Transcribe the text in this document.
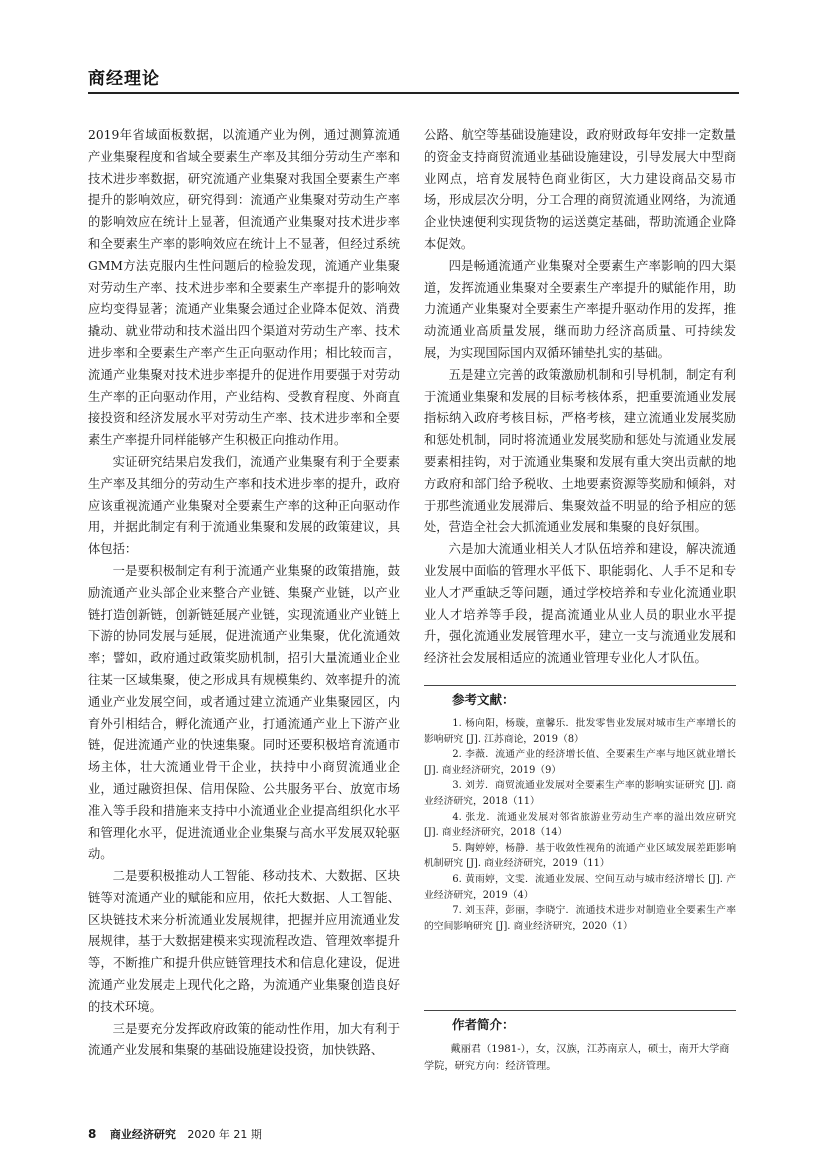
商经理论

2019年省域面板数据，以流通产业为例，通过测算流通产业集聚程度和省域全要素生产率及其细分劳动生产率和技术进步率数据，研究流通产业集聚对我国全要素生产率提升的影响效应，研究得到：流通产业集聚对劳动生产率的影响效应在统计上显著，但流通产业集聚对技术进步率和全要素生产率的影响效应在统计上不显著，但经过系统GMM方法克服内生性问题后的检验发现，流通产业集聚对劳动生产率、技术进步率和全要素生产率提升的影响效应均变得显著；流通产业集聚会通过企业降本促效、消费撬动、就业带动和技术溢出四个渠道对劳动生产率、技术进步率和全要素生产率产生正向驱动作用；相比较而言，流通产业集聚对技术进步率提升的促进作用要强于对劳动生产率的正向驱动作用，产业结构、受教育程度、外商直接投资和经济发展水平对劳动生产率、技术进步率和全要素生产率提升同样能够产生积极正向推动作用。

实证研究结果启发我们，流通产业集聚有利于全要素生产率及其细分的劳动生产率和技术进步率的提升，政府应该重视流通产业集聚对全要素生产率的这种正向驱动作用，并据此制定有利于流通业集聚和发展的政策建议，具体包括：

一是要积极制定有利于流通产业集聚的政策措施，鼓励流通产业头部企业来整合产业链、集聚产业链，以产业链打造创新链，创新链延展产业链，实现流通业产业链上下游的协同发展与延展，促进流通产业集聚，优化流通效率；譬如，政府通过政策奖励机制，招引大量流通业企业往某一区域集聚，使之形成具有规模集约、效率提升的流通业产业发展空间，或者通过建立流通产业集聚园区，内育外引相结合，孵化流通产业，打通流通产业上下游产业链，促进流通产业的快速集聚。同时还要积极培育流通市场主体，壮大流通业骨干企业，扶持中小商贸流通业企业，通过融资担保、信用保险、公共服务平台、放宽市场准入等手段和措施来支持中小流通业企业提高组织化水平和管理化水平，促进流通业企业集聚与高水平发展双轮驱动。

二是要积极推动人工智能、移动技术、大数据、区块链等对流通产业的赋能和应用，依托大数据、人工智能、区块链技术来分析流通业发展规律，把握并应用流通业发展规律，基于大数据建模来实现流程改造、管理效率提升等，不断推广和提升供应链管理技术和信息化建设，促进流通产业发展走上现代化之路，为流通产业集聚创造良好的技术环境。

三是要充分发挥政府政策的能动性作用，加大有利于流通产业发展和集聚的基础设施建设投资，加快铁路、

公路、航空等基础设施建设，政府财政每年安排一定数量的资金支持商贸流通业基础设施建设，引导发展大中型商业网点，培育发展特色商业街区，大力建设商品交易市场，形成层次分明，分工合理的商贸流通业网络，为流通企业快速便利实现货物的运送奠定基础，帮助流通企业降本促效。

四是畅通流通产业集聚对全要素生产率影响的四大渠道，发挥流通业集聚对全要素生产率提升的赋能作用，助力流通产业集聚对全要素生产率提升驱动作用的发挥，推动流通业高质量发展，继而助力经济高质量、可持续发展，为实现国际国内双循环铺垫扎实的基础。

五是建立完善的政策激励机制和引导机制，制定有利于流通业集聚和发展的目标考核体系，把重要流通业发展指标纳入政府考核目标，严格考核，建立流通业发展奖励和惩处机制，同时将流通业发展奖励和惩处与流通业发展要素相挂钩，对于流通业集聚和发展有重大突出贡献的地方政府和部门给予税收、土地要素资源等奖励和倾斜，对于那些流通业发展滞后、集聚效益不明显的给予相应的惩处，营造全社会大抓流通业发展和集聚的良好氛围。

六是加大流通业相关人才队伍培养和建设，解决流通业发展中面临的管理水平低下、职能弱化、人手不足和专业人才严重缺乏等问题，通过学校培养和专业化流通业职业人才培养等手段，提高流通业从业人员的职业水平提升，强化流通业发展管理水平，建立一支与流通业发展和经济社会发展相适应的流通业管理专业化人才队伍。

参考文献：

1. 杨向阳，杨璇，童馨乐．批发零售业发展对城市生产率增长的影响研究 [J]. 江苏商论，2019（8）

2. 李薇．流通产业的经济增长值、全要素生产率与地区就业增长 [J]. 商业经济研究，2019（9）

3. 刘芳．商贸流通业发展对全要素生产率的影响实证研究 [J]. 商业经济研究，2018（11）

4. 张龙．流通业发展对邻省旅游业劳动生产率的溢出效应研究 [J]. 商业经济研究，2018（14）

5. 陶婷婷，杨静．基于收敛性视角的流通产业区域发展差距影响机制研究 [J]. 商业经济研究，2019（11）

6. 黄雨婷，文雯．流通业发展、空间互动与城市经济增长 [J]. 产业经济研究，2019（4）

7. 刘玉萍，彭丽，李晓宁．流通技术进步对制造业全要素生产率的空间影响研究 [J]. 商业经济研究，2020（1）

作者简介：

戴丽君（1981-），女，汉族，江苏南京人，硕士，南开大学商学院，研究方向：经济管理。

8 商业经济研究 2020 年 21 期
